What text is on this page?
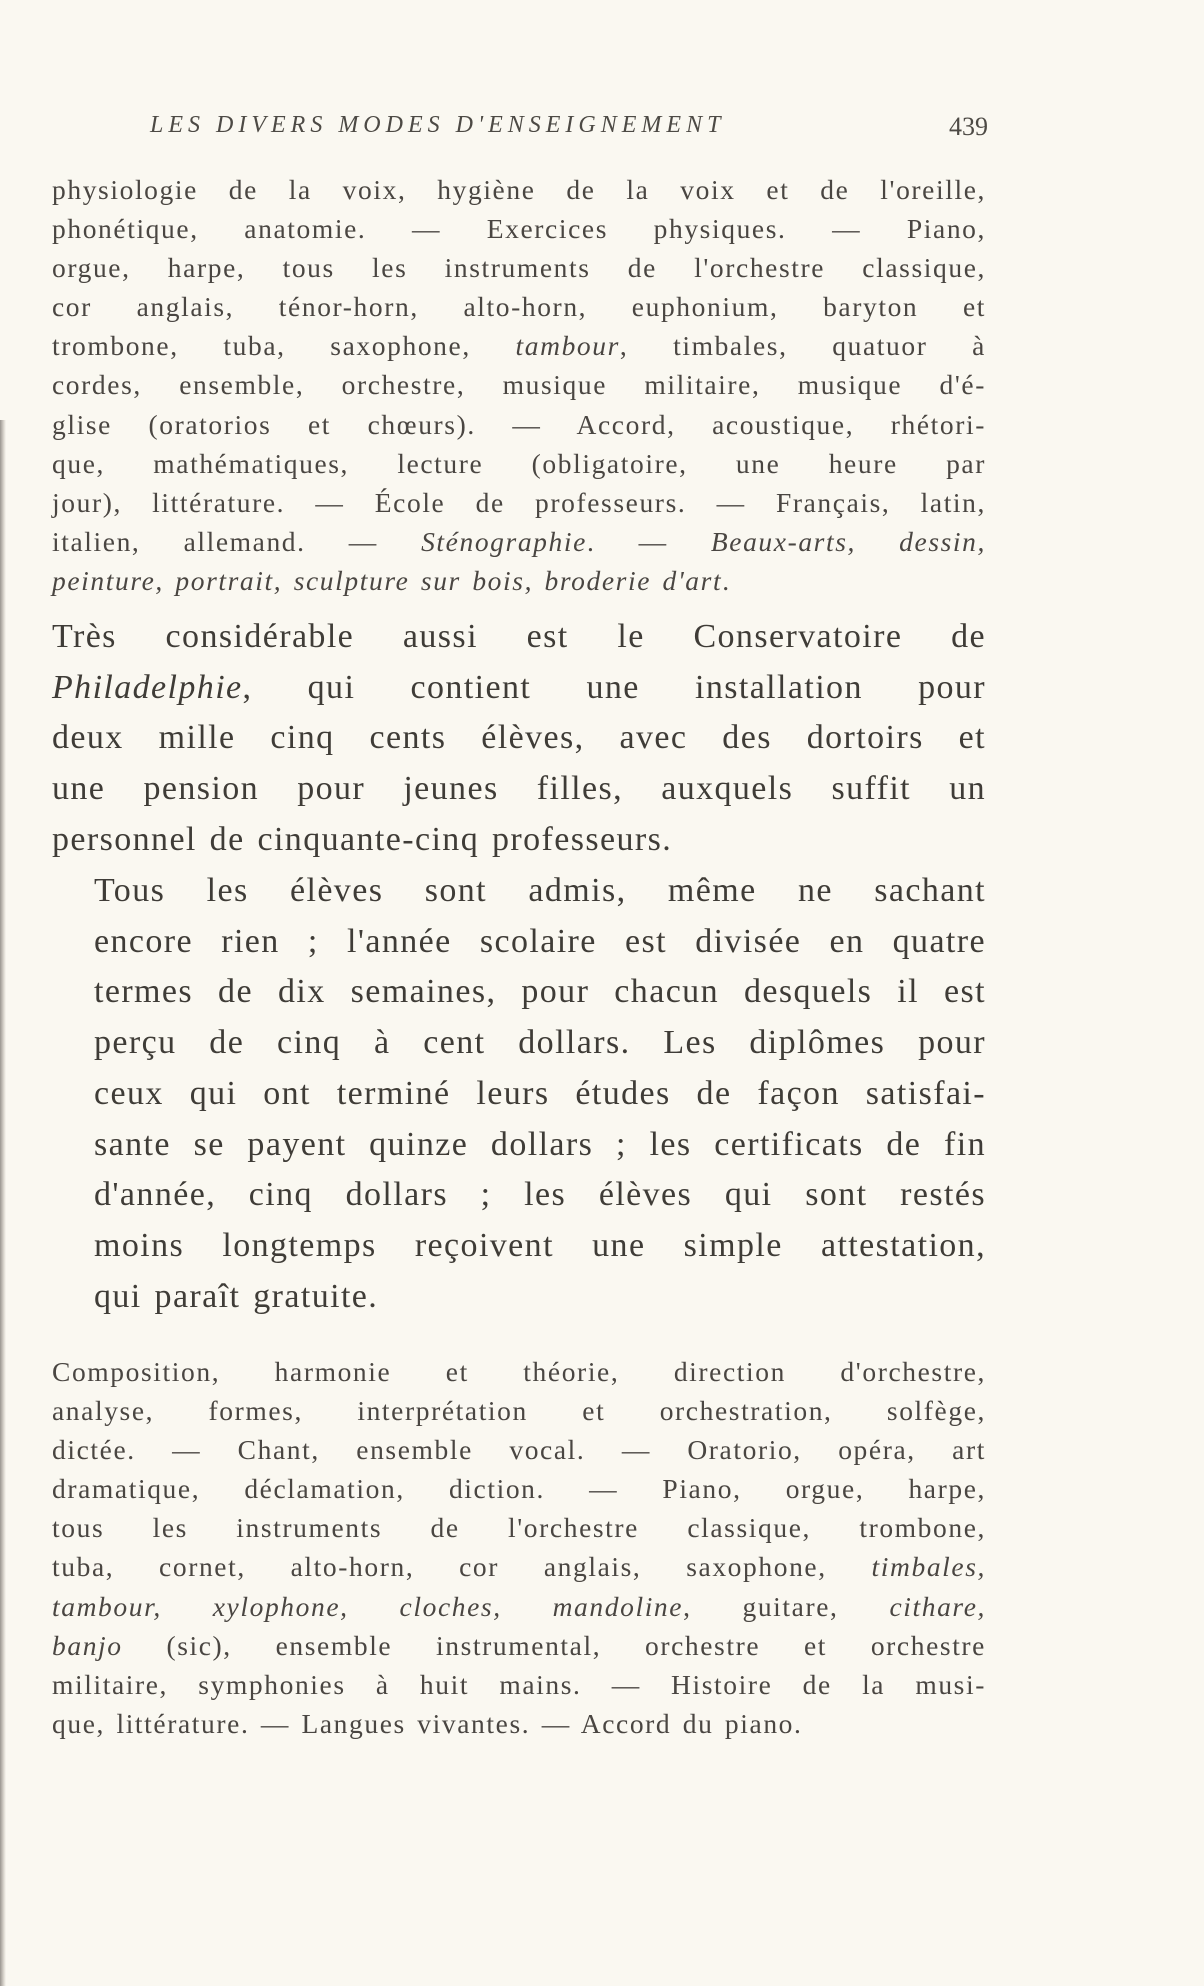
LES DIVERS MODES D'ENSEIGNEMENT	439

physiologie de la voix, hygiène de la voix et de l'oreille,
phonétique, anatomie. — Exercices physiques. — Piano,
orgue, harpe, tous les instruments de l'orchestre classique,
cor anglais, ténor-horn, alto-horn, euphonium, baryton et
trombone, tuba, saxophone, tambour, timbales, quatuor à
cordes, ensemble, orchestre, musique militaire, musique d'é-
glise (oratorios et chœurs). — Accord, acoustique, rhétori-
que, mathématiques, lecture (obligatoire, une heure par
jour), littérature. — École de professeurs. — Français, latin,
italien, allemand. — Sténographie. — Beaux-arts, dessin,
peinture, portrait, sculpture sur bois, broderie d'art.

Très considérable aussi est le Conservatoire de
Philadelphie, qui contient une installation pour
deux mille cinq cents élèves, avec des dortoirs et
une pension pour jeunes filles, auxquels suffit un
personnel de cinquante-cinq professeurs.

Tous les élèves sont admis, même ne sachant
encore rien ; l'année scolaire est divisée en quatre
termes de dix semaines, pour chacun desquels il est
perçu de cinq à cent dollars. Les diplômes pour
ceux qui ont terminé leurs études de façon satisfai-
sante se payent quinze dollars ; les certificats de fin
d'année, cinq dollars ; les élèves qui sont restés
moins longtemps reçoivent une simple attestation,
qui paraît gratuite.

Composition, harmonie et théorie, direction d'orchestre,
analyse, formes, interprétation et orchestration, solfège,
dictée. — Chant, ensemble vocal. — Oratorio, opéra, art
dramatique, déclamation, diction. — Piano, orgue, harpe,
tous les instruments de l'orchestre classique, trombone,
tuba, cornet, alto-horn, cor anglais, saxophone, timbales,
tambour, xylophone, cloches, mandoline, guitare, cithare,
banjo (sic), ensemble instrumental, orchestre et orchestre
militaire, symphonies à huit mains. — Histoire de la musi-
que, littérature. — Langues vivantes. — Accord du piano.
